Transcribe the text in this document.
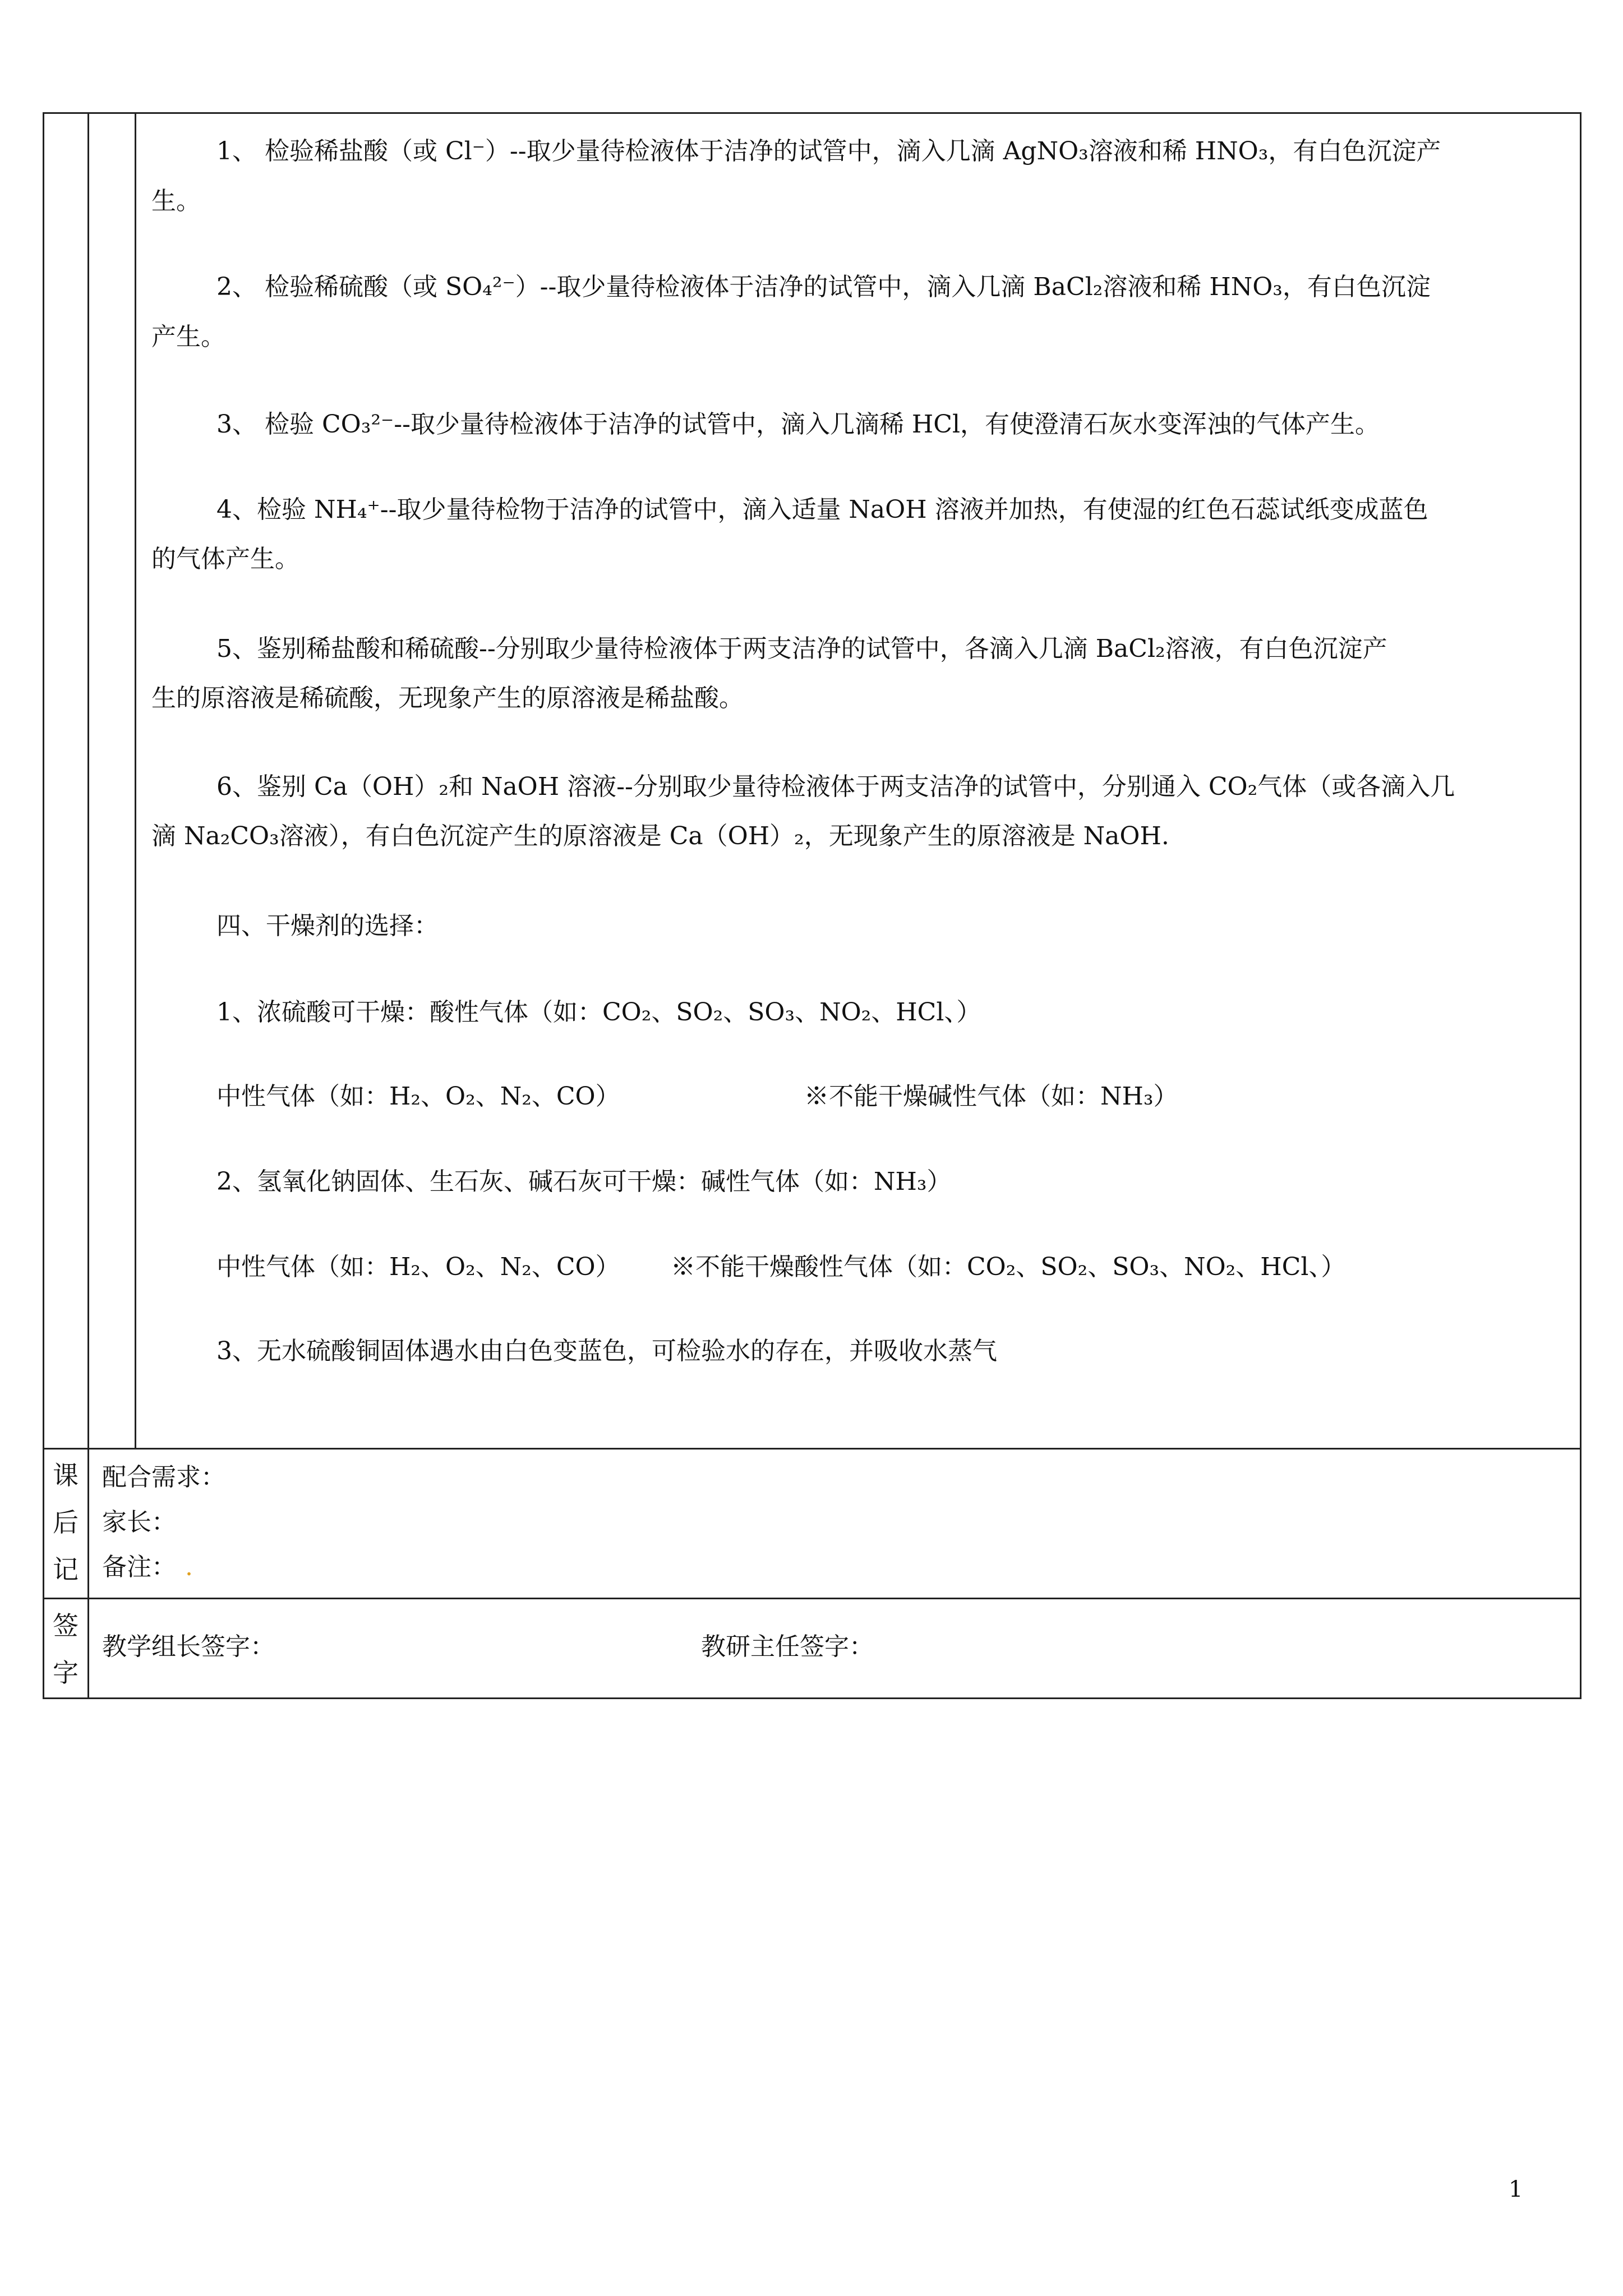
1、 检验稀盐酸（或 Cl⁻）--取少量待检液体于洁净的试管中，滴入几滴 AgNO₃溶液和稀 HNO₃，有白色沉淀产
生。
2、 检验稀硫酸（或 SO₄²⁻）--取少量待检液体于洁净的试管中，滴入几滴 BaCl₂溶液和稀 HNO₃，有白色沉淀
产生。
3、 检验 CO₃²⁻--取少量待检液体于洁净的试管中，滴入几滴稀 HCl，有使澄清石灰水变浑浊的气体产生。
4、检验 NH₄⁺--取少量待检物于洁净的试管中，滴入适量 NaOH 溶液并加热，有使湿的红色石蕊试纸变成蓝色
的气体产生。
5、鉴别稀盐酸和稀硫酸--分别取少量待检液体于两支洁净的试管中，各滴入几滴 BaCl₂溶液，有白色沉淀产
生的原溶液是稀硫酸，无现象产生的原溶液是稀盐酸。
6、鉴别 Ca（OH）₂和 NaOH 溶液--分别取少量待检液体于两支洁净的试管中，分别通入 CO₂气体（或各滴入几
滴 Na₂CO₃溶液），有白色沉淀产生的原溶液是 Ca（OH）₂，无现象产生的原溶液是 NaOH.
四、干燥剂的选择：
1、浓硫酸可干燥：酸性气体（如：CO₂、SO₂、SO₃、NO₂、HCl、）
中性气体（如：H₂、O₂、N₂、CO）	※不能干燥碱性气体（如：NH₃）
2、氢氧化钠固体、生石灰、碱石灰可干燥：碱性气体（如：NH₃）
中性气体（如：H₂、O₂、N₂、CO） ※不能干燥酸性气体（如：CO₂、SO₂、SO₃、NO₂、HCl、）
3、无水硫酸铜固体遇水由白色变蓝色，可检验水的存在，并吸收水蒸气
课
后
记
配合需求：
家长：
备注： .
签
字
教学组长签字：	教研主任签字：
1
